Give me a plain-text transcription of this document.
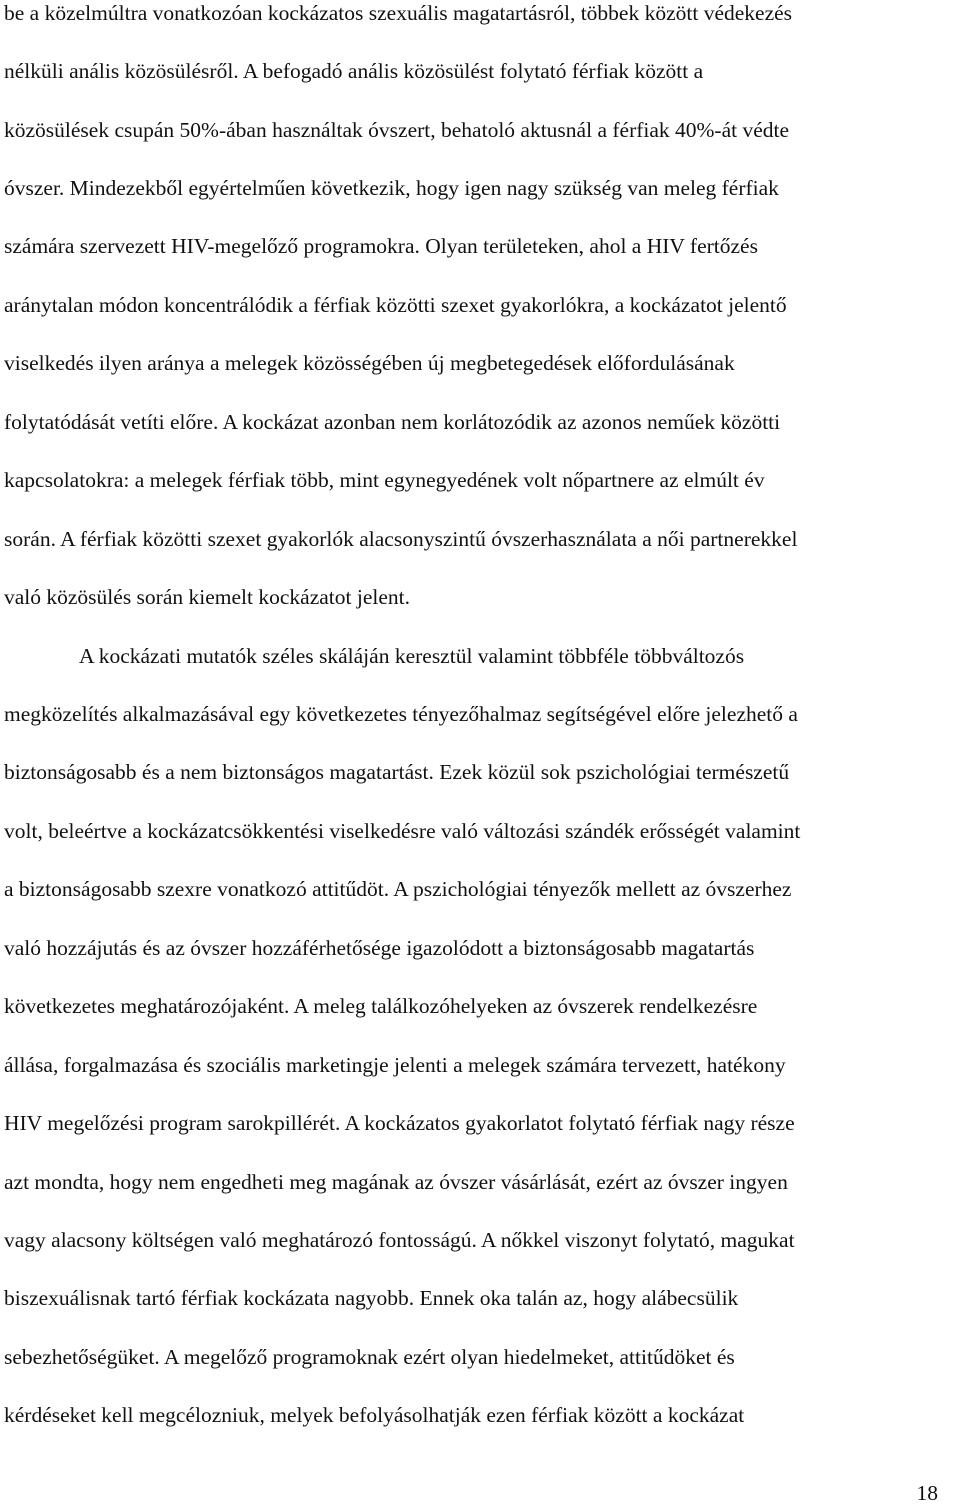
be a közelmúltra vonatkozóan kockázatos szexuális magatartásról, többek között védekezés
nélküli anális közösülésről. A befogadó anális közösülést folytató férfiak között a
közösülések csupán 50%-ában használtak óvszert, behatoló aktusnál a férfiak 40%-át védte
óvszer. Mindezekből egyértelműen következik, hogy igen nagy szükség van meleg férfiak
számára szervezett HIV-megelőző programokra. Olyan területeken, ahol a HIV fertőzés
aránytalan módon koncentrálódik a férfiak közötti szexet gyakorlókra, a kockázatot jelentő
viselkedés ilyen aránya a melegek közösségében új megbetegedések előfordulásának
folytatódását vetíti előre. A kockázat azonban nem korlátozódik az azonos neműek közötti
kapcsolatokra: a melegek férfiak több, mint egynegyedének volt nőpartnere az elmúlt év
során. A férfiak közötti szexet gyakorlók alacsonyszintű óvszerhasználata a női partnerekkel
való közösülés során kiemelt kockázatot jelent.
A kockázati mutatók széles skáláján keresztül valamint többféle többváltozós
megközelítés alkalmazásával egy következetes tényezőhalmaz segítségével előre jelezhető a
biztonságosabb és a nem biztonságos magatartást. Ezek közül sok pszichológiai természetű
volt, beleértve a kockázatcsökkentési viselkedésre való változási szándék erősségét valamint
a biztonságosabb szexre vonatkozó attitűdöt. A pszichológiai tényezők mellett az óvszerhez
való hozzájutás és az óvszer hozzáférhetősége igazolódott a biztonságosabb magatartás
következetes meghatározójaként. A meleg találkozóhelyeken az óvszerek rendelkezésre
állása, forgalmazása és szociális marketingje jelenti a melegek számára tervezett, hatékony
HIV megelőzési program sarokpillérét. A kockázatos gyakorlatot folytató férfiak nagy része
azt mondta, hogy nem engedheti meg magának az óvszer vásárlását, ezért az óvszer ingyen
vagy alacsony költségen való meghatározó fontosságú. A nőkkel viszonyt folytató, magukat
biszexuálisnak tartó férfiak kockázata nagyobb. Ennek oka talán az, hogy alábecsülik
sebezhetőségüket. A megelőző programoknak ezért olyan hiedelmeket, attitűdöket és
kérdéseket kell megcélozniuk, melyek befolyásolhatják ezen férfiak között a kockázat
18
